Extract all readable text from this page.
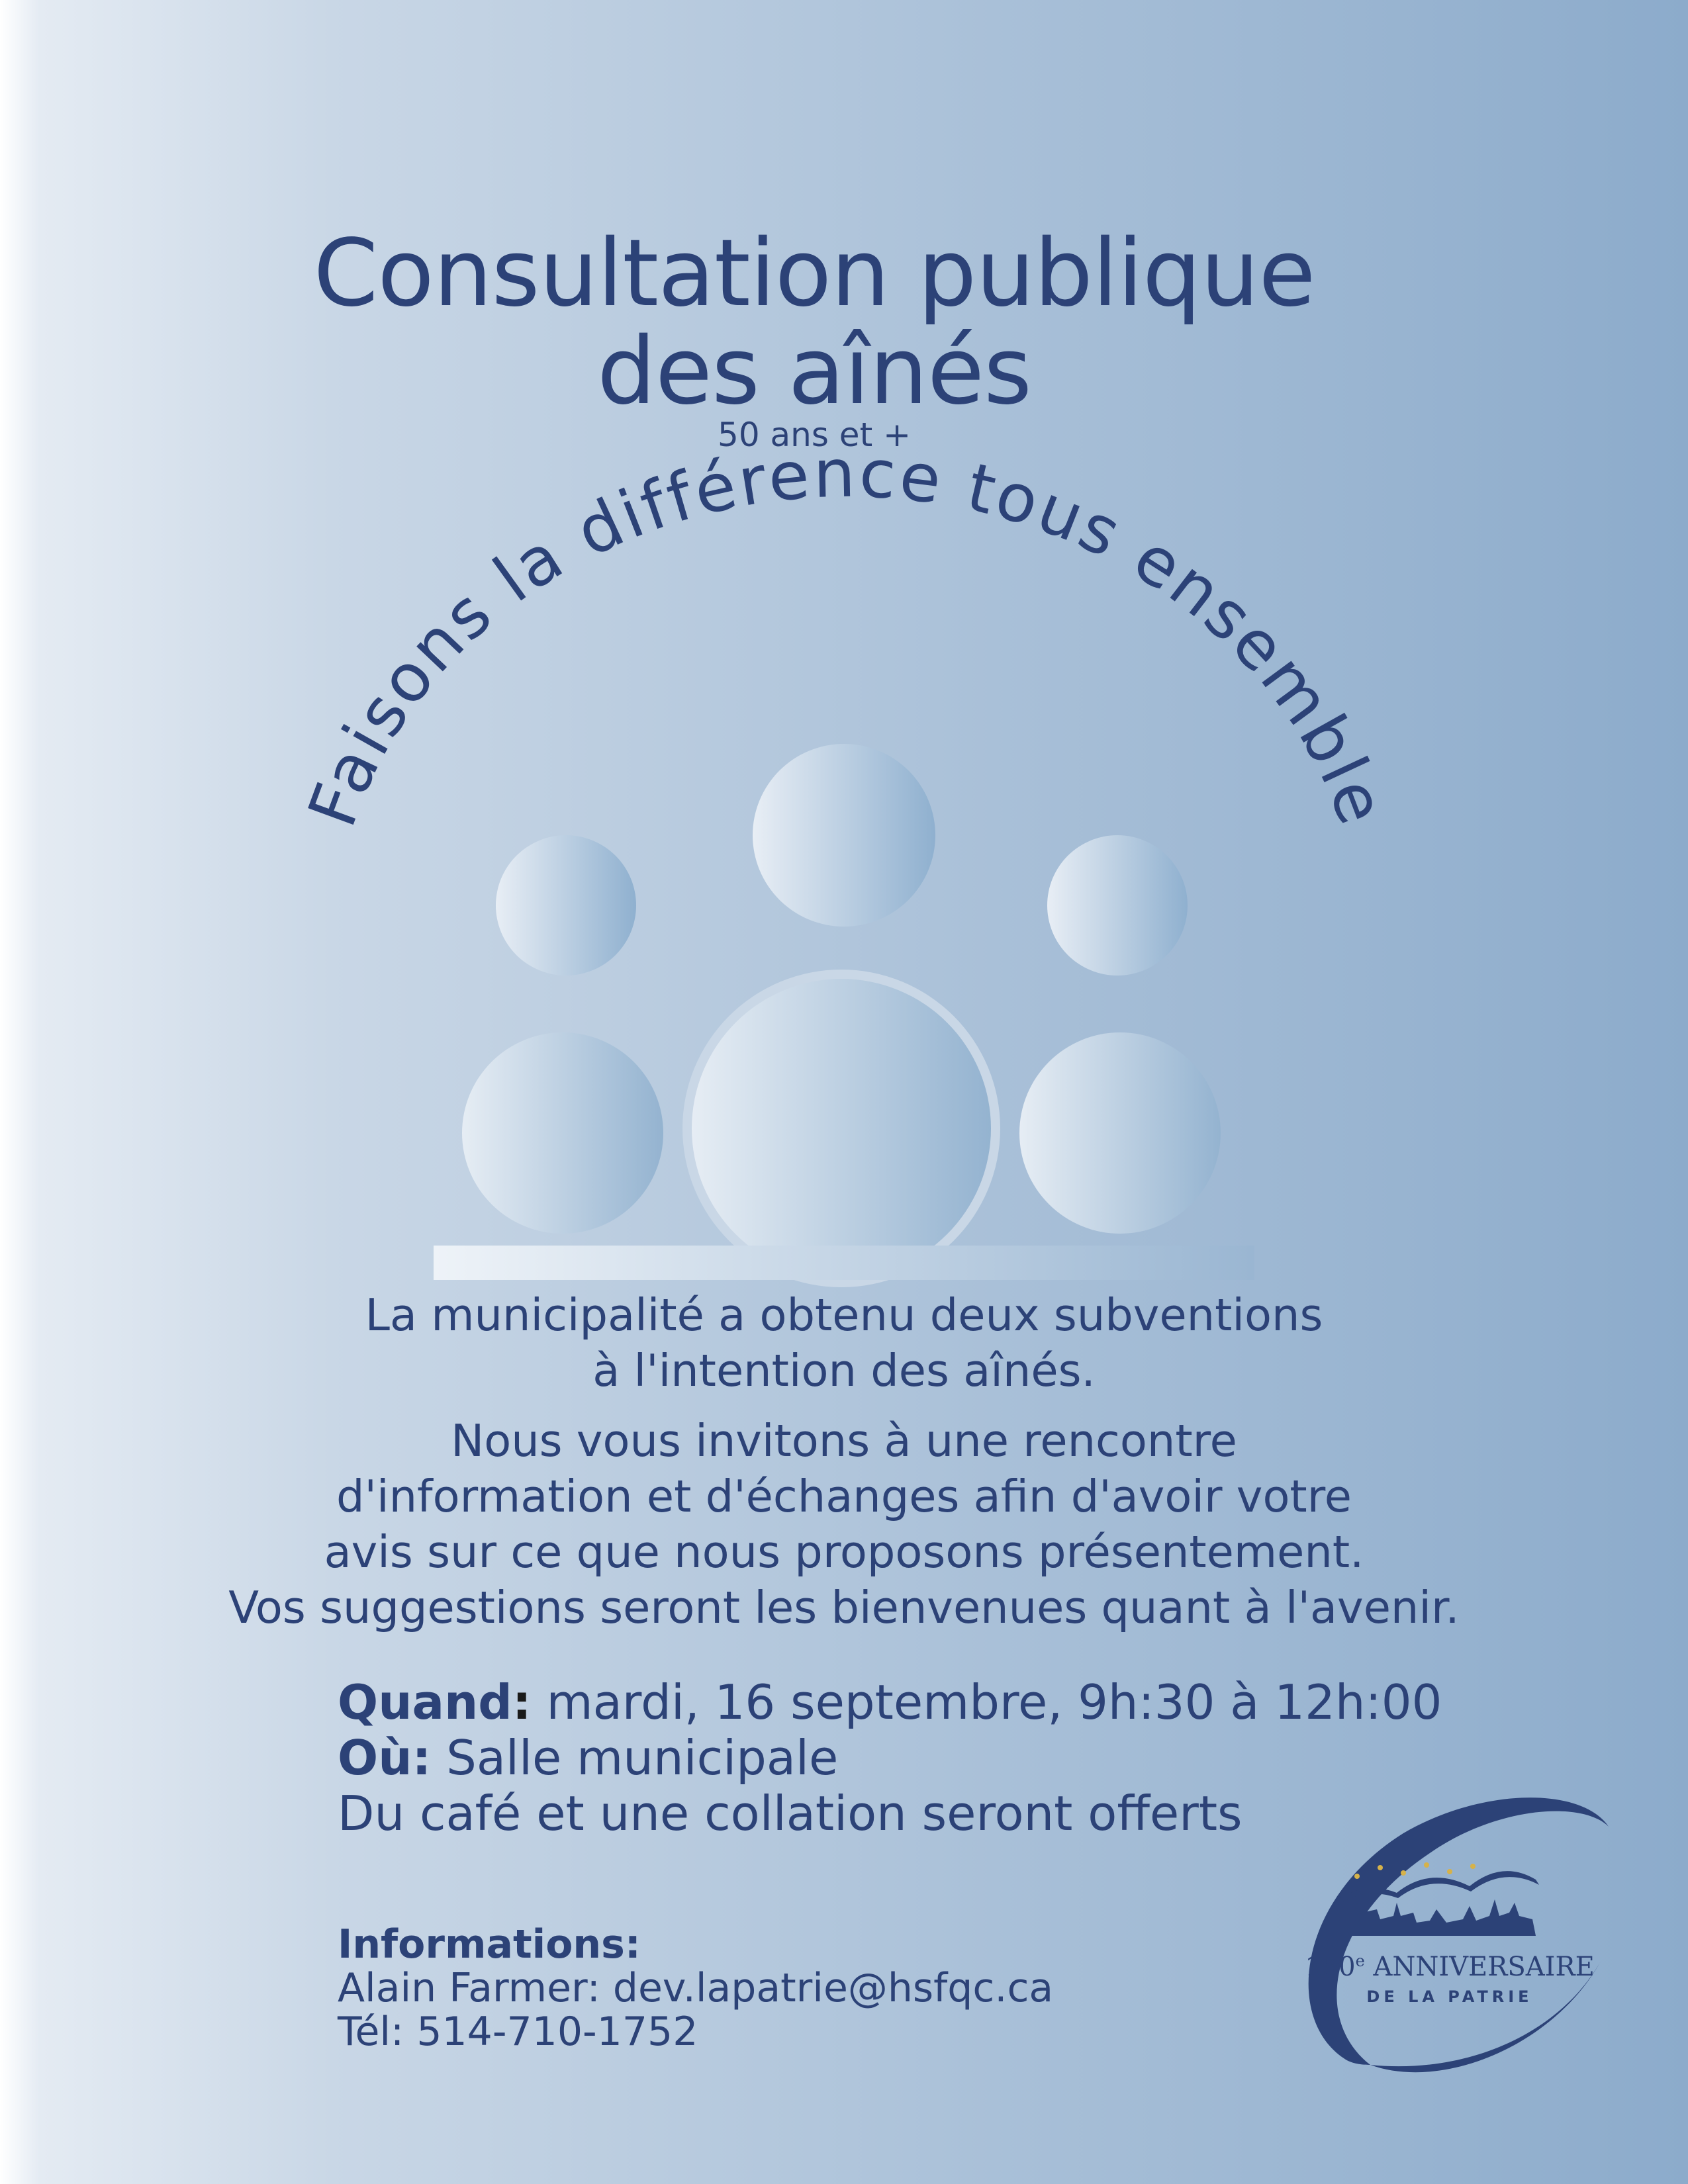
Consultation publique

des aînés
50 ans et +
Faisons la différence tous ensemble
La municipalité a obtenu deux subventions
à l'intention des aînés.
Nous vous invitons à une rencontre
d'information et d'échanges afin d'avoir votre
avis sur ce que nous proposons présentement.
Vos suggestions seront les bienvenues quant à l'avenir.
Quand: mardi, 16 septembre, 9h:30 à 12h:00
Où: Salle municipale
Du café et une collation seront offerts
Informations:
Alain Farmer: dev.lapatrie@hsfqc.ca
Tél: 514-710-1752
150e ANNIVERSAIRE
DE LA PATRIE
